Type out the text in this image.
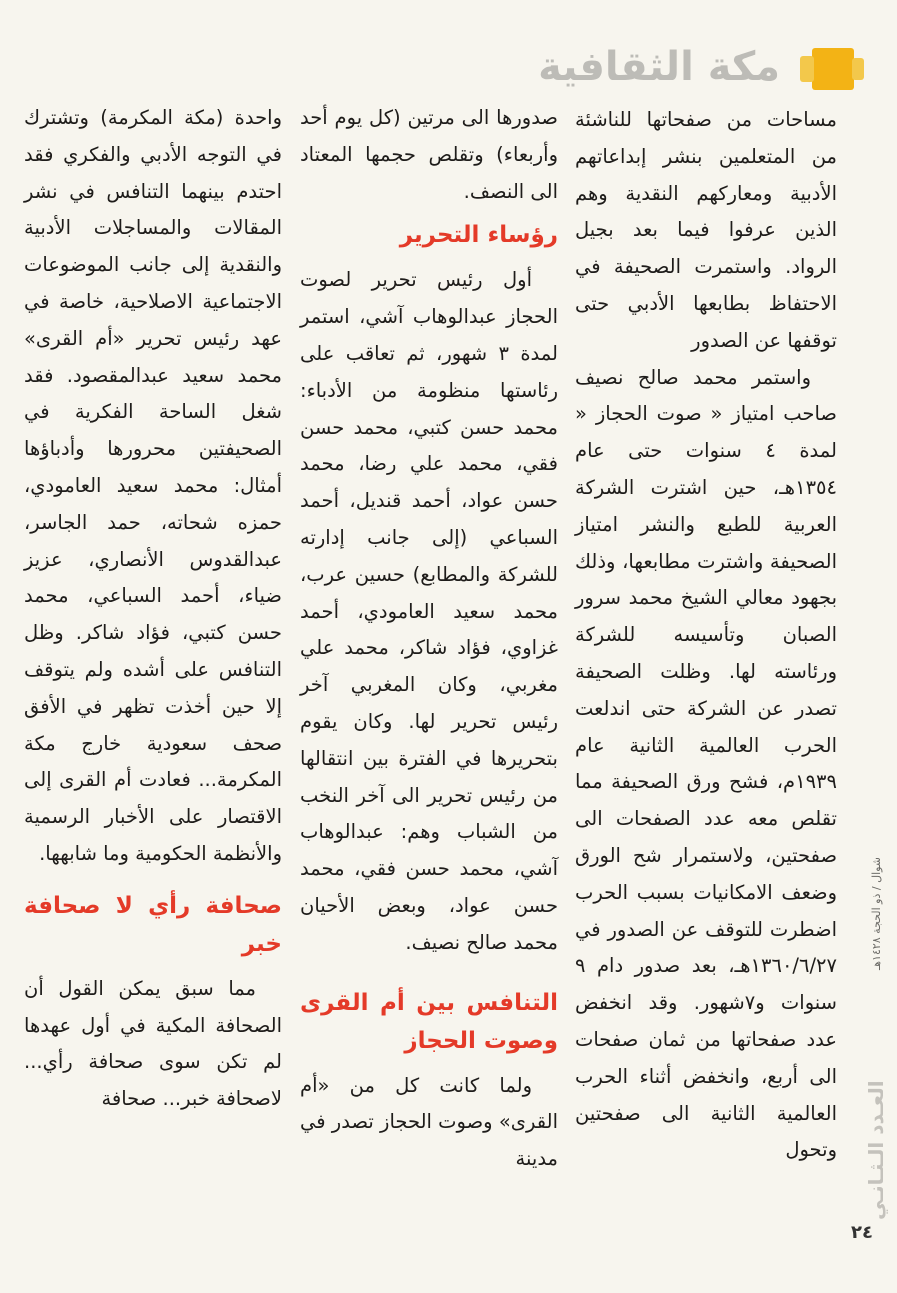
مكة الثقافية

مساحات من صفحاتها للناشئة من المتعلمين بنشر إبداعاتهم الأدبية ومعاركهم النقدية وهم الذين عرفوا فيما بعد بجيل الرواد. واستمرت الصحيفة في الاحتفاظ بطابعها الأدبي حتى توقفها عن الصدور

واستمر محمد صالح نصيف صاحب امتياز « صوت الحجاز « لمدة ٤ سنوات حتى عام ١٣٥٤هـ، حين اشترت الشركة العربية للطبع والنشر امتياز الصحيفة واشترت مطابعها، وذلك بجهود معالي الشيخ محمد سرور الصبان وتأسيسه للشركة ورئاسته لها. وظلت الصحيفة تصدر عن الشركة حتى اندلعت الحرب العالمية الثانية عام ١٩٣٩م، فشح ورق الصحيفة مما تقلص معه عدد الصفحات الى صفحتين، ولاستمرار شح الورق وضعف الامكانيات بسبب الحرب اضطرت للتوقف عن الصدور في ١٣٦٠/٦/٢٧هـ، بعد صدور دام ٩ سنوات و٧شهور. وقد انخفض عدد صفحاتها من ثمان صفحات الى أربع، وانخفض أثناء الحرب العالمية الثانية الى صفحتين وتحول

صدورها الى مرتين (كل يوم أحد وأربعاء) وتقلص حجمها المعتاد الى النصف.

رؤساء التحرير

أول رئيس تحرير لصوت الحجاز عبدالوهاب آشي، استمر لمدة ٣ شهور، ثم تعاقب على رئاستها منظومة من الأدباء: محمد حسن كتبي، محمد حسن فقي، محمد علي رضا، محمد حسن عواد، أحمد قنديل، أحمد السباعي (إلى جانب إدارته للشركة والمطابع) حسين عرب، محمد سعيد العامودي، أحمد غزاوي، فؤاد شاكر، محمد علي مغربي، وكان المغربي آخر رئيس تحرير لها. وكان يقوم بتحريرها في الفترة بين انتقالها من رئيس تحرير الى آخر النخب من الشباب وهم: عبدالوهاب آشي، محمد حسن فقي، محمد حسن عواد، وبعض الأحيان محمد صالح نصيف.

التنافس بين أم القرى وصوت الحجاز

ولما كانت كل من «أم القرى» وصوت الحجاز تصدر في مدينة

واحدة (مكة المكرمة) وتشترك في التوجه الأدبي والفكري فقد احتدم بينهما التنافس في نشر المقالات والمساجلات الأدبية والنقدية إلى جانب الموضوعات الاجتماعية الاصلاحية، خاصة في عهد رئيس تحرير «أم القرى» محمد سعيد عبدالمقصود. فقد شغل الساحة الفكرية في الصحيفتين محرورها وأدباؤها أمثال: محمد سعيد العامودي، حمزه شحاته، حمد الجاسر، عبدالقدوس الأنصاري، عزيز ضياء، أحمد السباعي، محمد حسن كتبي، فؤاد شاكر. وظل التنافس على أشده ولم يتوقف إلا حين أخذت تظهر في الأفق صحف سعودية خارج مكة المكرمة... فعادت أم القرى إلى الاقتصار على الأخبار الرسمية والأنظمة الحكومية وما شابهها.

صحافة رأي لا صحافة خبر

مما سبق يمكن القول أن الصحافة المكية في أول عهدها لم تكن سوى صحافة رأي... لاصحافة خبر... صحافة

شوال / ذو الحجة ١٤٢٨هـ
العـدد الـثـانـي
٢٤
